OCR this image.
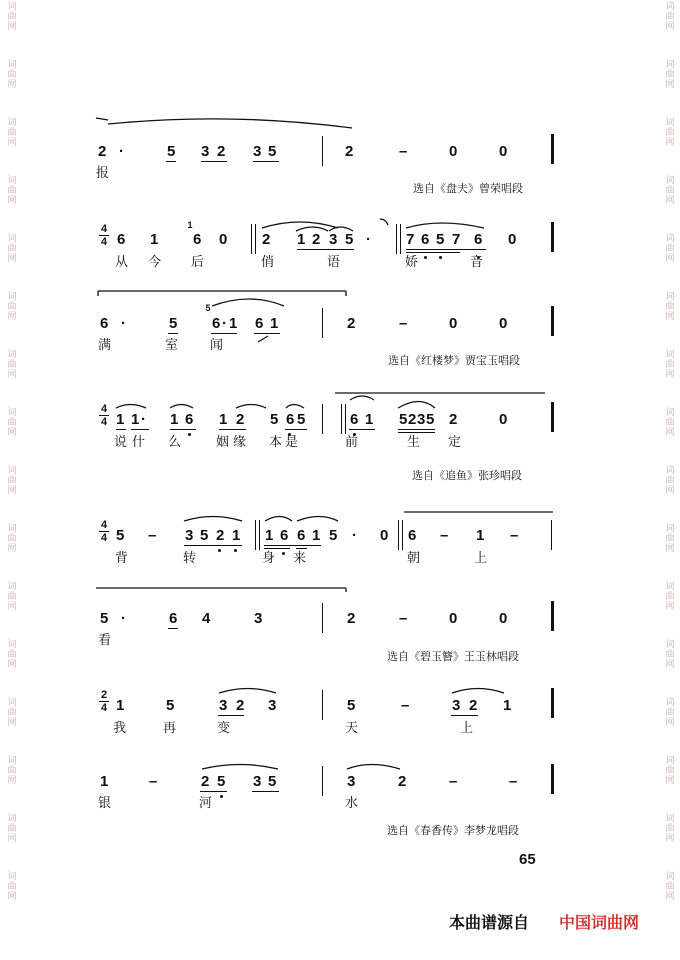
词
曲
网
词
曲
网
词
曲
网
词
曲
网
词
曲
网
词
曲
网
词
曲
网
词
曲
网
词
曲
网
词
曲
网
词
曲
网
词
曲
网
词
曲
网
词
曲
网
词
曲
网
词
曲
网
词
曲
网
词
曲
网
词
曲
网
词
曲
网
词
曲
网
词
曲
网
词
曲
网
词
曲
网
词
曲
网
词
曲
网
词
曲
网
词
曲
网
词
曲
网
词
曲
网
词
曲
网
词
曲
网
2 ·	5 3 2 3 5	2	–	0	0
报
选自《盘夫》曾荣唱段
4
4 6 1
1
6 0 2 1 2 3 5 · 7 6 5 7 6 0
从 今 后	俏	语	娇	音
6 ·	5
5
6 · 1 6 1	2	–	0	0
满	室 闻
选自《红楼梦》贾宝玉唱段
4
4 1 1 · 1 6 1 2 5 6 5	6 1 5 2 3 5 2	0
说 什 么	姻 缘 本 是	前	生 定
选自《追鱼》张珍唱段
4
4 5 – 3 5 2 1 1 6 6 1 5 · 0 6 – 1 –
背	转	身 来	朝	上
5 ·	6 4	3	2	–	0	0
看
选自《碧玉簪》王玉林唱段
2
4 1	5	3 2 3	5	–	3 2 1
我	再	变	天	上
1	–	2 5 3 5	3	2	–	–
银	河	水
选自《春香传》李梦龙唱段
65
本曲谱源自 中国词曲网
